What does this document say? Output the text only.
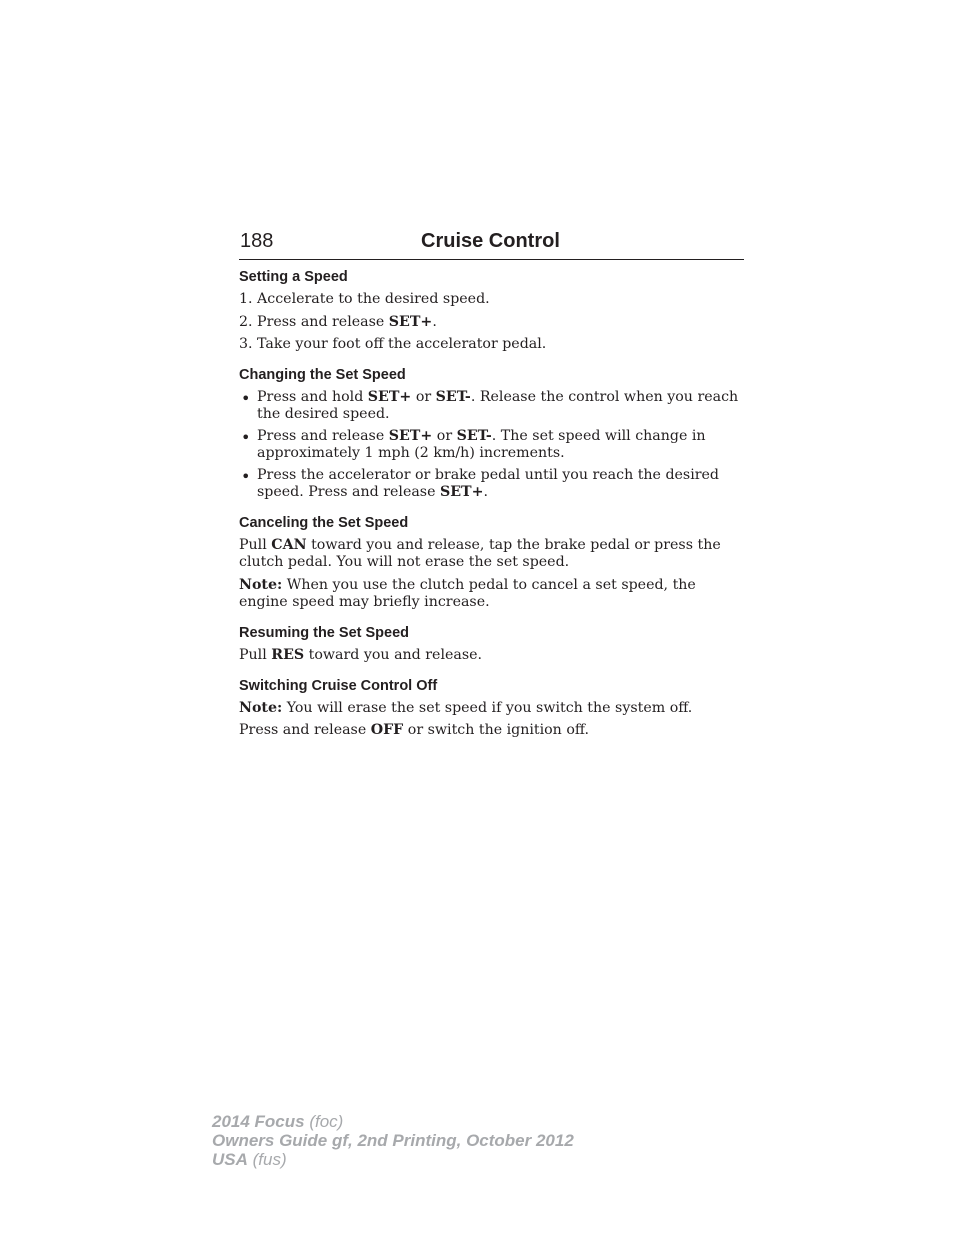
188	Cruise Control
Setting a Speed

1. Accelerate to the desired speed.

2. Press and release SET+.

3. Take your foot off the accelerator pedal.

Changing the Set Speed
• Press and hold SET+ or SET-. Release the control when you reach the desired speed.

• Press and release SET+ or SET-. The set speed will change in approximately 1 mph (2 km/h) increments.

• Press the accelerator or brake pedal until you reach the desired speed. Press and release SET+.

Canceling the Set Speed

Pull CAN toward you and release, tap the brake pedal or press the clutch pedal. You will not erase the set speed.

Note: When you use the clutch pedal to cancel a set speed, the engine speed may briefly increase.

Resuming the Set Speed

Pull RES toward you and release.

Switching Cruise Control Off

Note: You will erase the set speed if you switch the system off.

Press and release OFF or switch the ignition off.

2014 Focus (foc)
Owners Guide gf, 2nd Printing, October 2012
USA (fus)
